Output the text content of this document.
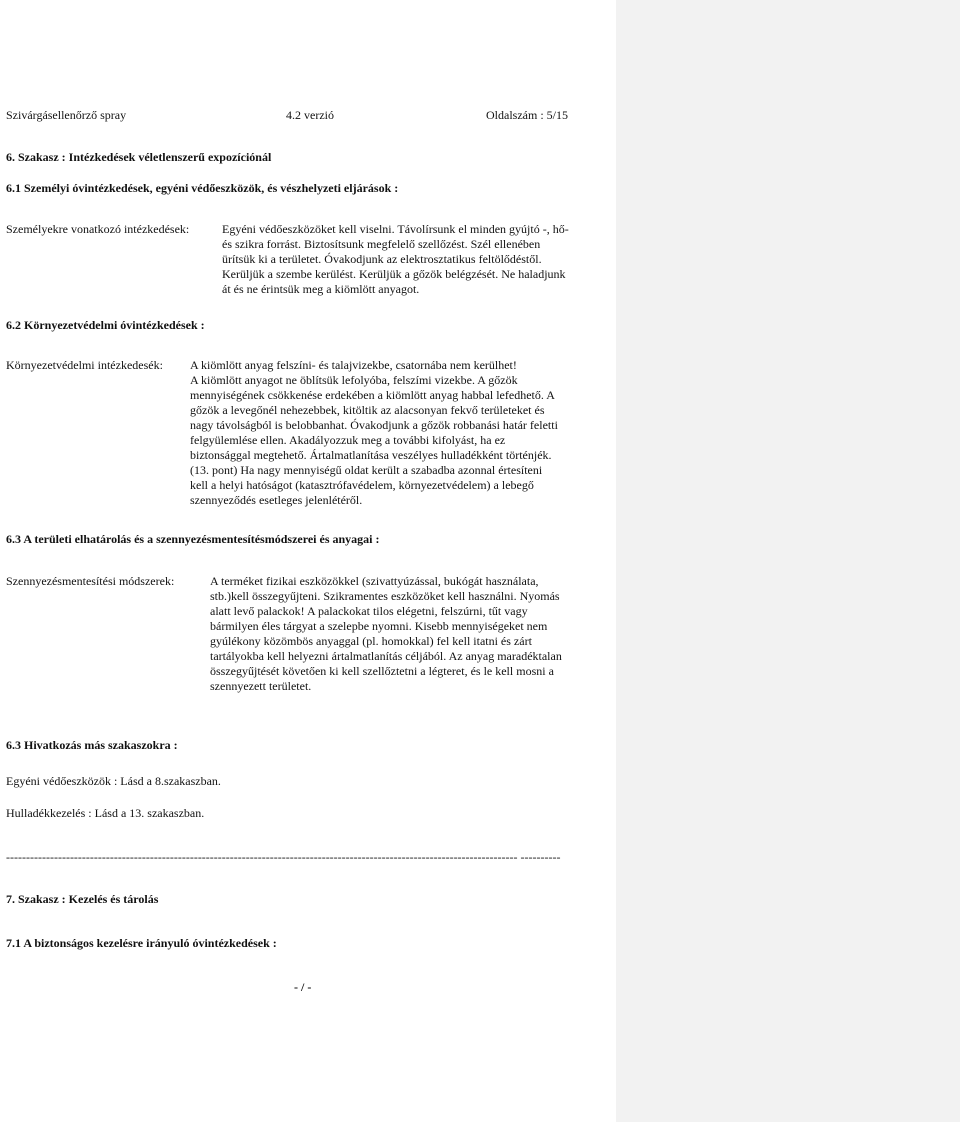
Szivárgásellenőrző spray	4.2 verzió	Oldalszám : 5/15
6. Szakasz : Intézkedések véletlenszerű expozíciónál
6.1 Személyi óvintézkedések, egyéni védőeszközök, és vészhelyzeti eljárások :
Személyekre vonatkozó intézkedések:	Egyéni védőeszközöket kell viselni. Távolírsunk el minden gyújtó -, hő-
és szikra forrást. Biztosítsunk megfelelő szellőzést. Szél ellenében
ürítsük ki a területet. Óvakodjunk az elektrosztatikus feltölődéstől.
Kerüljük a szembe kerülést. Kerüljük a gőzök belégzését. Ne haladjunk
át és ne érintsük meg a kiömlött anyagot.
6.2 Környezetvédelmi óvintézkedések :
Környezetvédelmi intézkedesék: A kiömlött anyag felszíni- és talajvizekbe, csatornába nem kerülhet!
A kiömlött anyagot ne öblítsük lefolyóba, felszími vizekbe. A gőzök
mennyiségének csökkenése erdekében a kiömlött anyag habbal lefedhető. A
gőzök a levegőnél nehezebbek, kitöltik az alacsonyan fekvő területeket és
nagy távolságból is belobbanhat. Óvakodjunk a gőzök robbanási határ feletti
felgyülemlése ellen. Akadályozzuk meg a további kifolyást, ha ez
biztonsággal megtehető. Ártalmatlanítása veszélyes hulladékként történjék.
(13. pont) Ha nagy mennyiségű oldat került a szabadba azonnal értesíteni
kell a helyi hatóságot (katasztrófavédelem, környezetvédelem) a lebegő
szennyeződés esetleges jelenlétéről.
6.3 A területi elhatárolás és a szennyezésmentesítésmódszerei és anyagai :
Szennyezésmentesítési módszerek:	A terméket fizikai eszközökkel (szivattyúzással, bukógát használata,
stb.)kell összegyűjteni. Szikramentes eszközöket kell használni. Nyomás
alatt levő palackok! A palackokat tilos elégetni, felszúrni, tűt vagy
bármilyen éles tárgyat a szelepbe nyomni. Kisebb mennyiségeket nem
gyúlékony közömbös anyaggal (pl. homokkal) fel kell itatni és zárt
tartályokba kell helyezni ártalmatlanítás céljából. Az anyag maradéktalan
összegyűjtését követően ki kell szellőztetni a légteret, és le kell mosni a
szennyezett területet.
6.3 Hivatkozás más szakaszokra :
Egyéni védőeszközök : Lásd a 8.szakaszban.
Hulladékkezelés : Lásd a 13. szakaszban.
-------------------------------------------------------------------------------------------------------------------------------- ----------
7. Szakasz : Kezelés és tárolás
7.1 A biztonságos kezelésre irányuló óvintézkedések :
- / -
